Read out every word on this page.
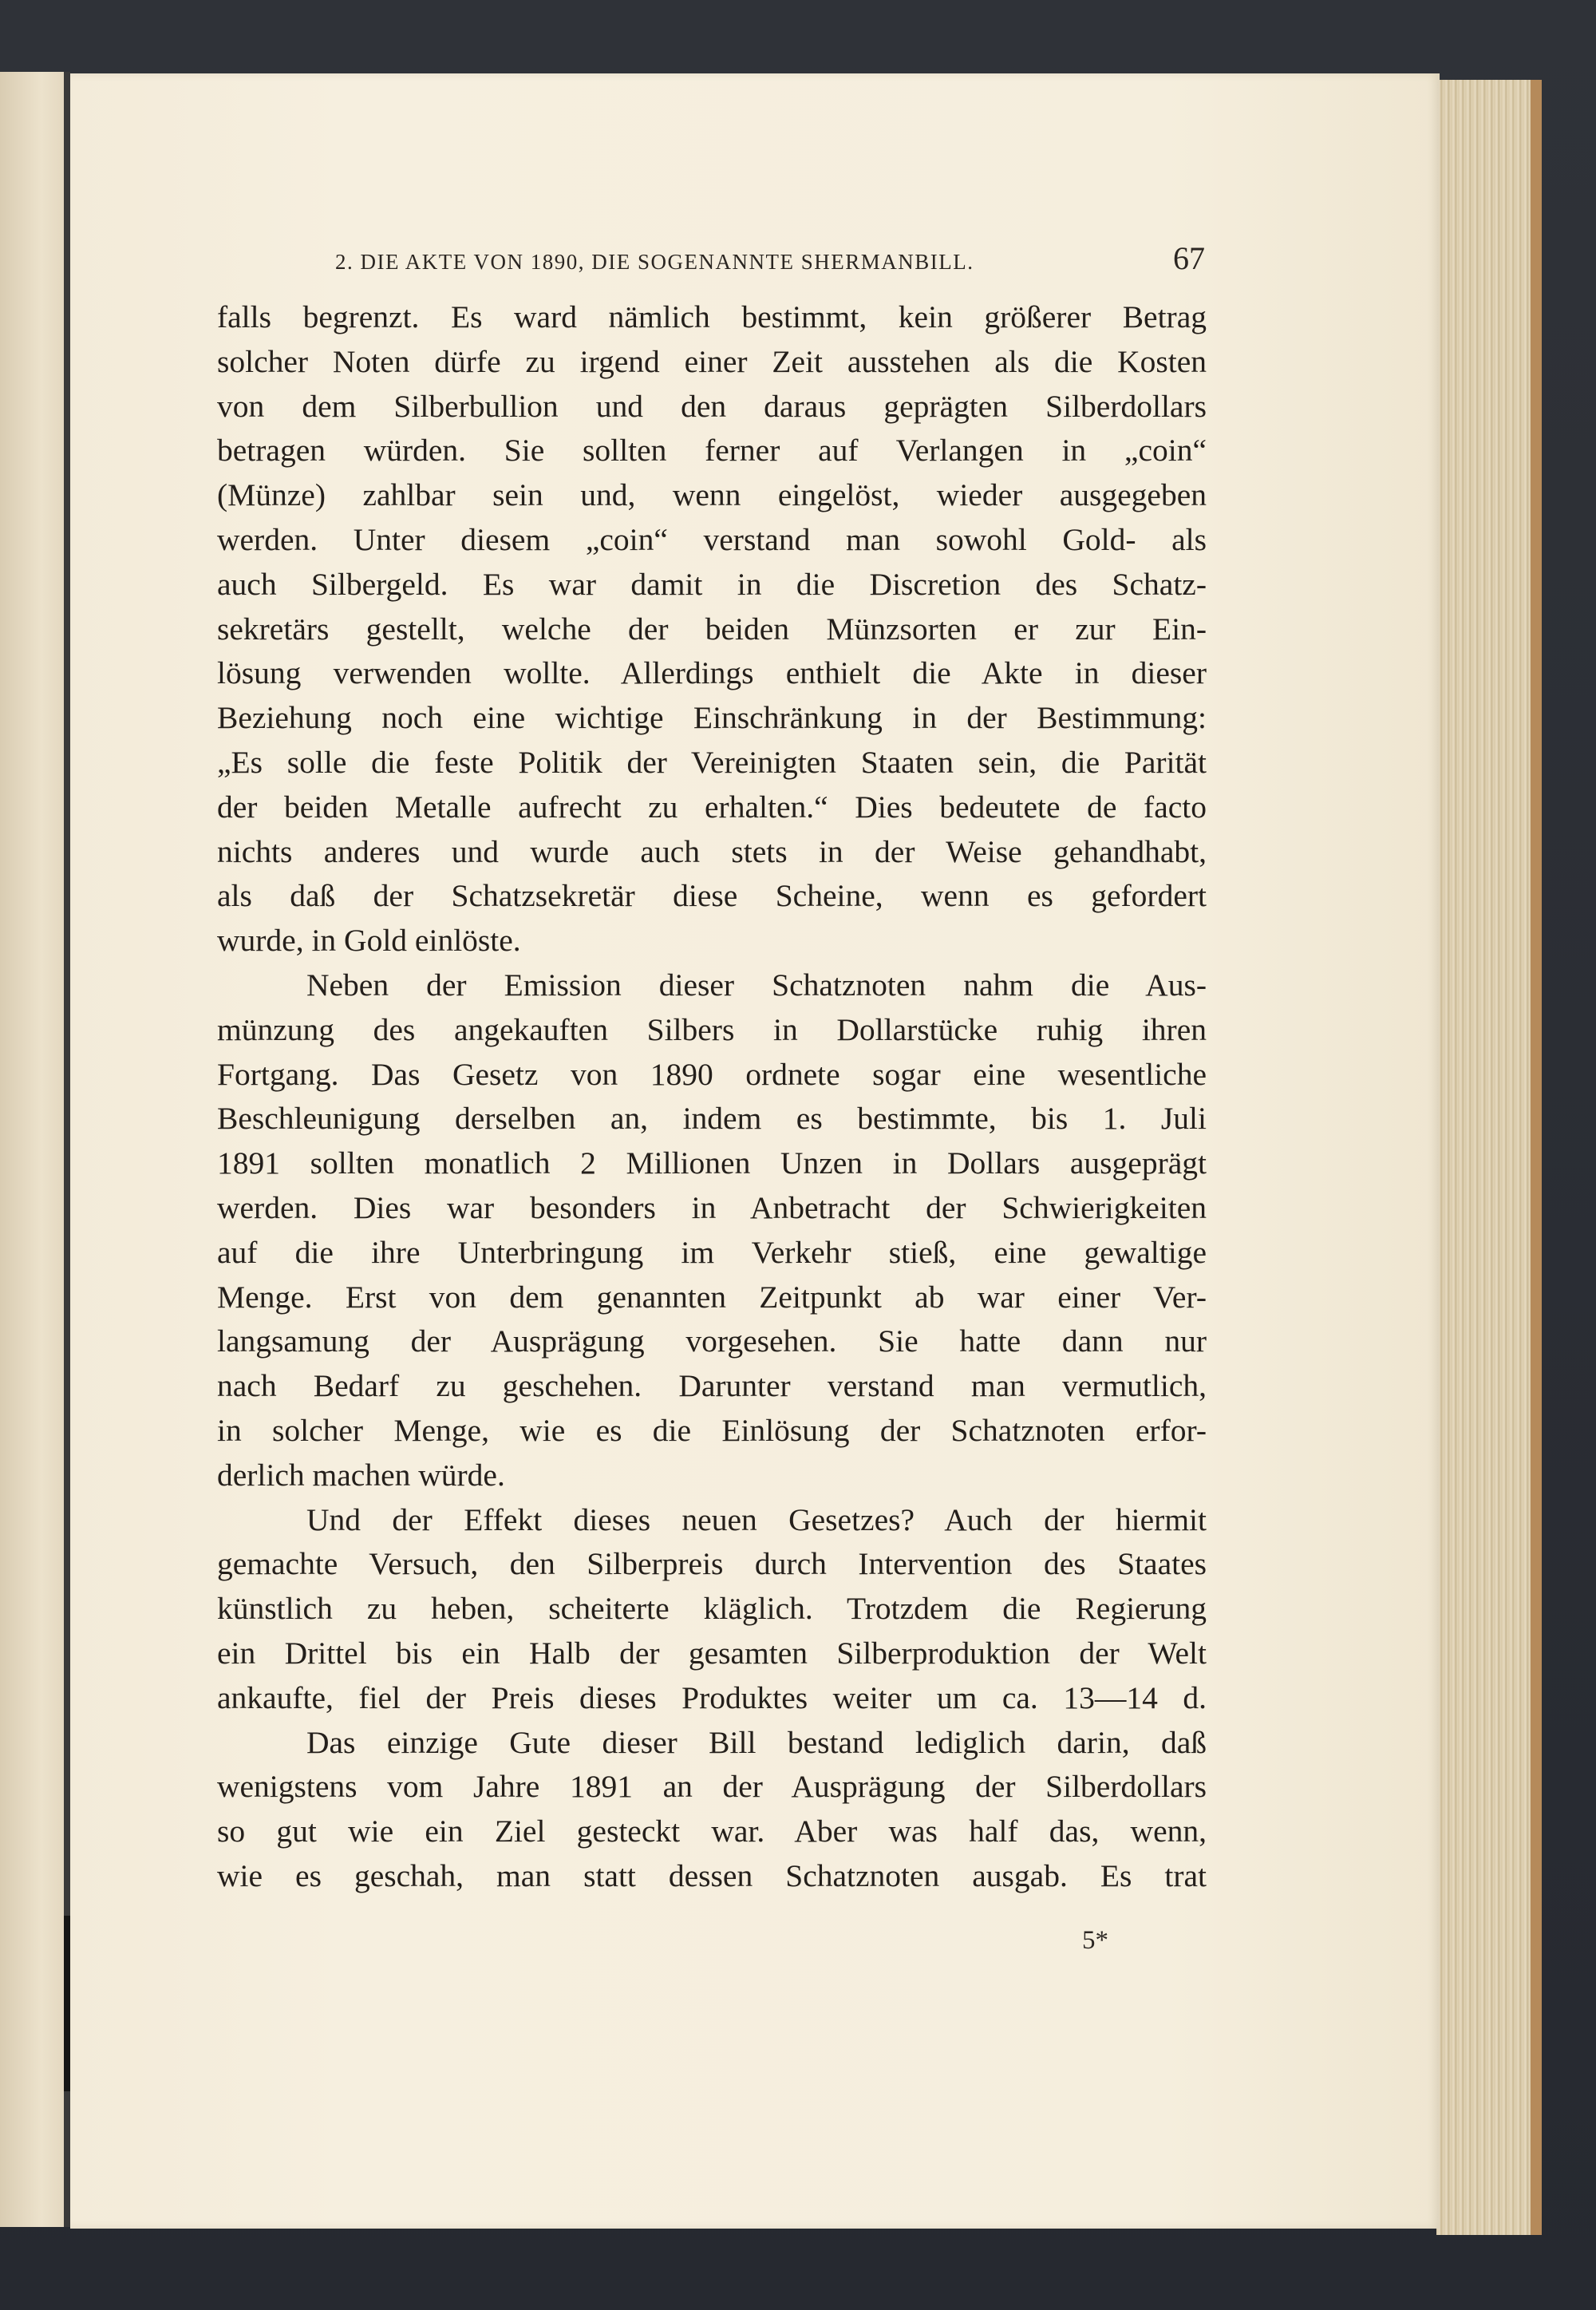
2. DIE AKTE VON 1890, DIE SOGENANNTE SHERMANBILL.	67
falls begrenzt. Es ward nämlich bestimmt, kein größerer Betrag
solcher Noten dürfe zu irgend einer Zeit ausstehen als die Kosten
von dem Silberbullion und den daraus geprägten Silberdollars
betragen würden. Sie sollten ferner auf Verlangen in „coin“
(Münze) zahlbar sein und, wenn eingelöst, wieder ausgegeben
werden. Unter diesem „coin“ verstand man sowohl Gold- als
auch Silbergeld. Es war damit in die Discretion des Schatz-
sekretärs gestellt, welche der beiden Münzsorten er zur Ein-
lösung verwenden wollte. Allerdings enthielt die Akte in dieser
Beziehung noch eine wichtige Einschränkung in der Bestimmung:
„Es solle die feste Politik der Vereinigten Staaten sein, die Parität
der beiden Metalle aufrecht zu erhalten.“ Dies bedeutete de facto
nichts anderes und wurde auch stets in der Weise gehandhabt,
als daß der Schatzsekretär diese Scheine, wenn es gefordert
wurde, in Gold einlöste.
Neben der Emission dieser Schatznoten nahm die Aus-
münzung des angekauften Silbers in Dollarstücke ruhig ihren
Fortgang. Das Gesetz von 1890 ordnete sogar eine wesentliche
Beschleunigung derselben an, indem es bestimmte, bis 1. Juli
1891 sollten monatlich 2 Millionen Unzen in Dollars ausgeprägt
werden. Dies war besonders in Anbetracht der Schwierigkeiten
auf die ihre Unterbringung im Verkehr stieß, eine gewaltige
Menge. Erst von dem genannten Zeitpunkt ab war einer Ver-
langsamung der Ausprägung vorgesehen. Sie hatte dann nur
nach Bedarf zu geschehen. Darunter verstand man vermutlich,
in solcher Menge, wie es die Einlösung der Schatznoten erfor-
derlich machen würde.
Und der Effekt dieses neuen Gesetzes? Auch der hiermit
gemachte Versuch, den Silberpreis durch Intervention des Staates
künstlich zu heben, scheiterte kläglich. Trotzdem die Regierung
ein Drittel bis ein Halb der gesamten Silberproduktion der Welt
ankaufte, fiel der Preis dieses Produktes weiter um ca. 13—14 d.
Das einzige Gute dieser Bill bestand lediglich darin, daß
wenigstens vom Jahre 1891 an der Ausprägung der Silberdollars
so gut wie ein Ziel gesteckt war. Aber was half das, wenn,
wie es geschah, man statt dessen Schatznoten ausgab. Es trat
5*
